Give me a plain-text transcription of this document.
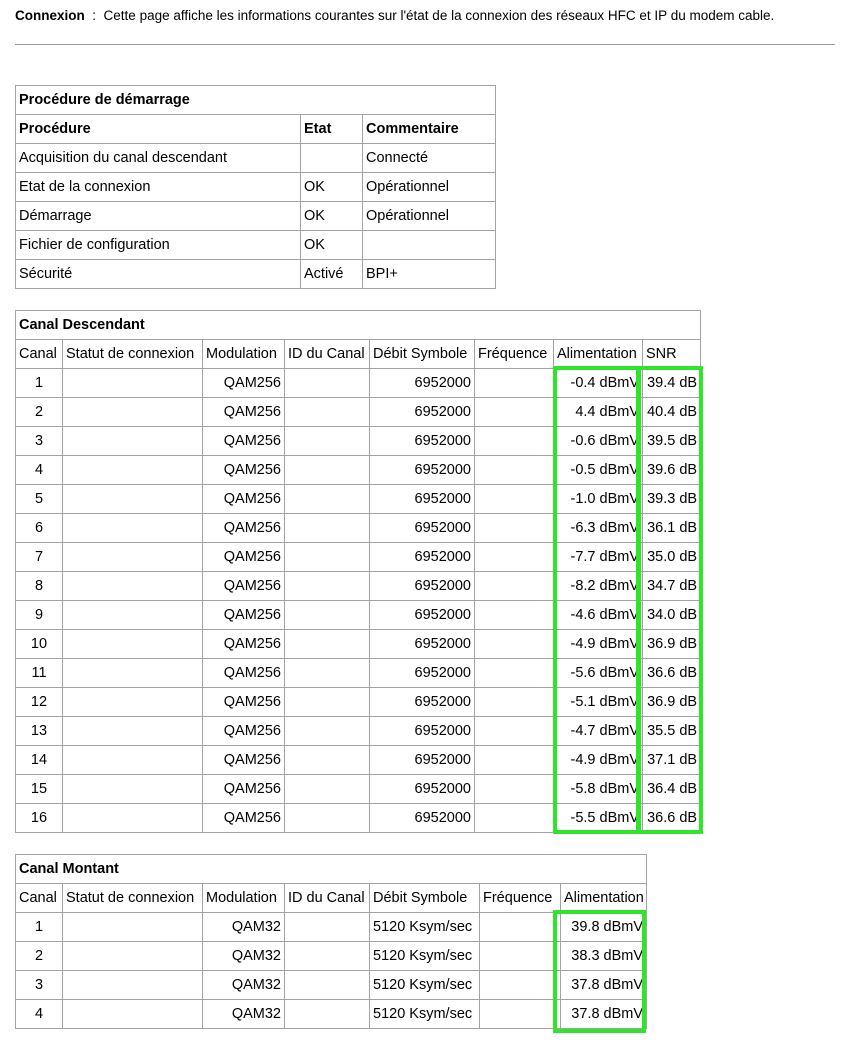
Connexion : Cette page affiche les informations courantes sur l'état de la connexion des réseaux HFC et IP du modem cable.
Procédure de démarrage		
Procédure	Etat	Commentaire
Acquisition du canal descendant		Connecté
Etat de la connexion	OK	Opérationnel
Démarrage	OK	Opérationnel
Fichier de configuration	OK	
Sécurité	Activé	BPI+
Canal Descendant							
Canal	Statut de connexion	Modulation	ID du Canal	Débit Symbole	Fréquence	Alimentation	SNR
1		QAM256		6952000		-0.4 dBmV	39.4 dB
2		QAM256		6952000		4.4 dBmV	40.4 dB
3		QAM256		6952000		-0.6 dBmV	39.5 dB
4		QAM256		6952000		-0.5 dBmV	39.6 dB
5		QAM256		6952000		-1.0 dBmV	39.3 dB
6		QAM256		6952000		-6.3 dBmV	36.1 dB
7		QAM256		6952000		-7.7 dBmV	35.0 dB
8		QAM256		6952000		-8.2 dBmV	34.7 dB
9		QAM256		6952000		-4.6 dBmV	34.0 dB
10		QAM256		6952000		-4.9 dBmV	36.9 dB
11		QAM256		6952000		-5.6 dBmV	36.6 dB
12		QAM256		6952000		-5.1 dBmV	36.9 dB
13		QAM256		6952000		-4.7 dBmV	35.5 dB
14		QAM256		6952000		-4.9 dBmV	37.1 dB
15		QAM256		6952000		-5.8 dBmV	36.4 dB
16		QAM256		6952000		-5.5 dBmV	36.6 dB
Canal Montant						
Canal	Statut de connexion	Modulation	ID du Canal	Débit Symbole	Fréquence	Alimentation
1		QAM32		5120 Ksym/sec		39.8 dBmV
2		QAM32		5120 Ksym/sec		38.3 dBmV
3		QAM32		5120 Ksym/sec		37.8 dBmV
4		QAM32		5120 Ksym/sec		37.8 dBmV
